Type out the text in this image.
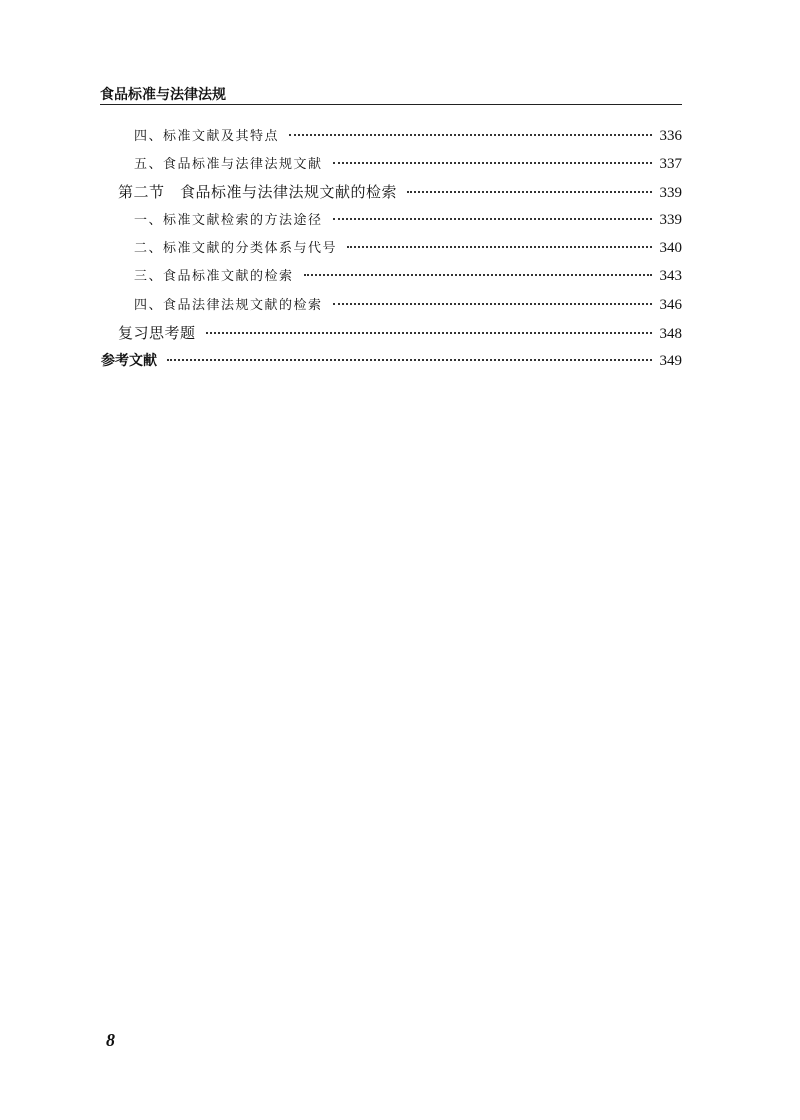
食品标准与法律法规
四、标准文献及其特点	336
五、食品标准与法律法规文献	337
第二节　食品标准与法律法规文献的检索	339
一、标准文献检索的方法途径	339
二、标准文献的分类体系与代号	340
三、食品标准文献的检索	343
四、食品法律法规文献的检索	346
复习思考题	348
参考文献	349
8
